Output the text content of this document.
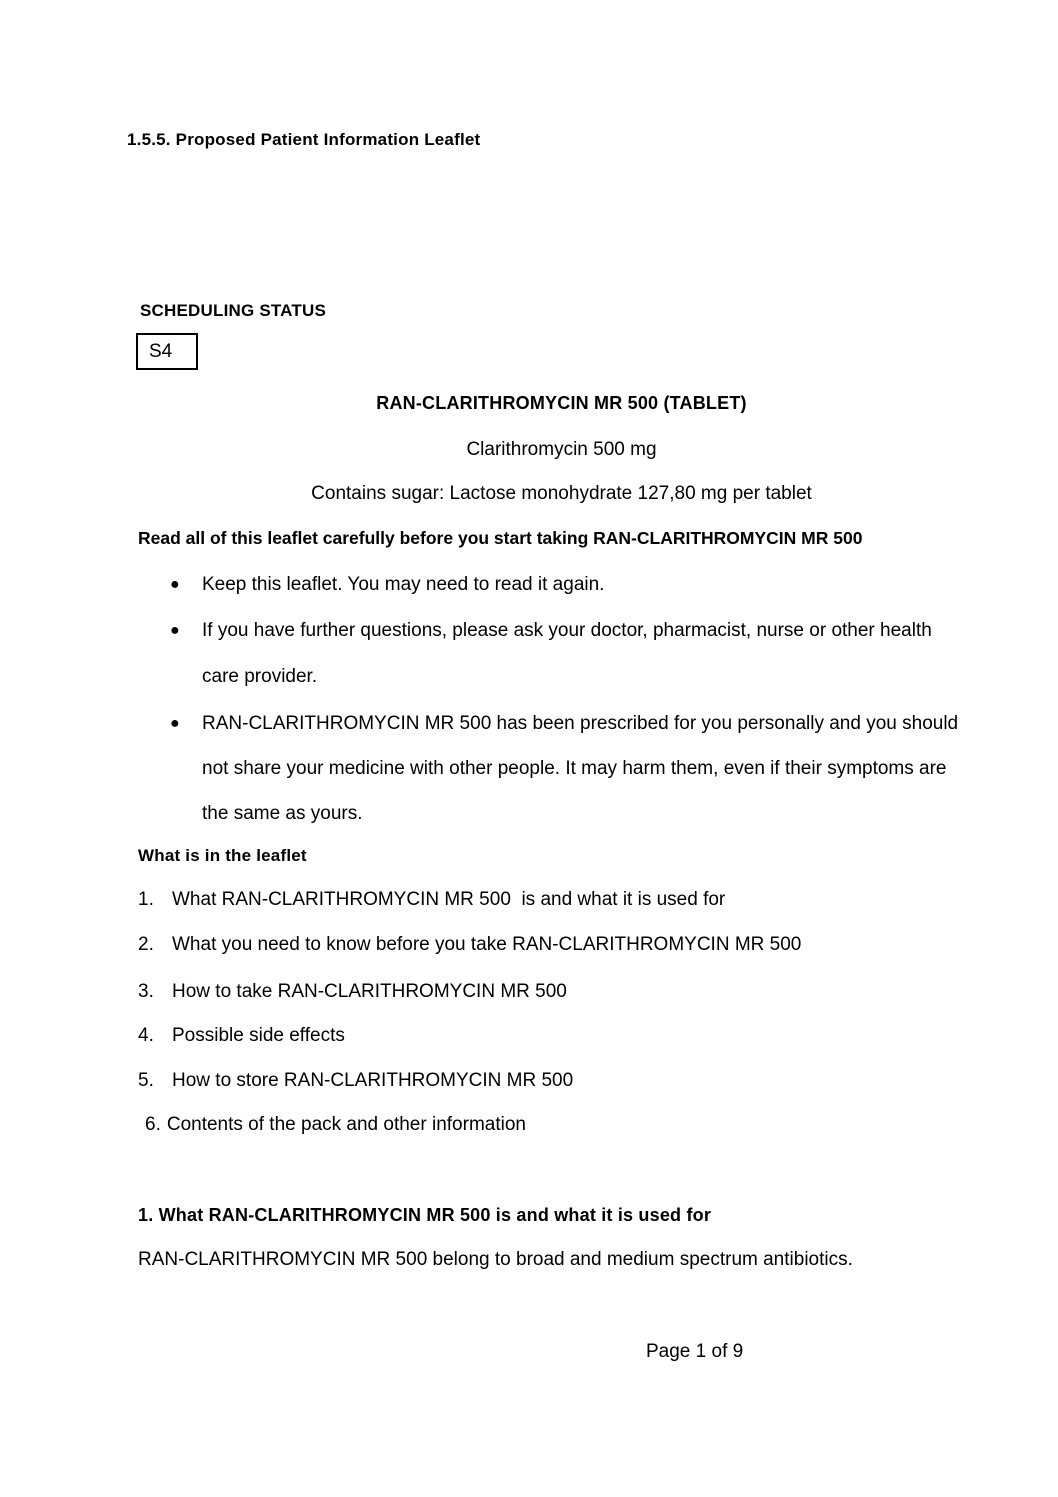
1.5.5. Proposed Patient Information Leaflet
SCHEDULING STATUS
S4
RAN-CLARITHROMYCIN MR 500 (TABLET)
Clarithromycin 500 mg
Contains sugar: Lactose monohydrate 127,80 mg per tablet
Read all of this leaflet carefully before you start taking RAN-CLARITHROMYCIN MR 500
● Keep this leaflet. You may need to read it again.
● If you have further questions, please ask your doctor, pharmacist, nurse or other health
care provider.
● RAN-CLARITHROMYCIN MR 500 has been prescribed for you personally and you should
not share your medicine with other people. It may harm them, even if their symptoms are
the same as yours.
What is in the leaflet
1. What RAN-CLARITHROMYCIN MR 500  is and what it is used for
2. What you need to know before you take RAN-CLARITHROMYCIN MR 500
3. How to take RAN-CLARITHROMYCIN MR 500
4. Possible side effects
5. How to store RAN-CLARITHROMYCIN MR 500
6. Contents of the pack and other information
1. What RAN-CLARITHROMYCIN MR 500 is and what it is used for
RAN-CLARITHROMYCIN MR 500 belong to broad and medium spectrum antibiotics.
Page 1 of 9
